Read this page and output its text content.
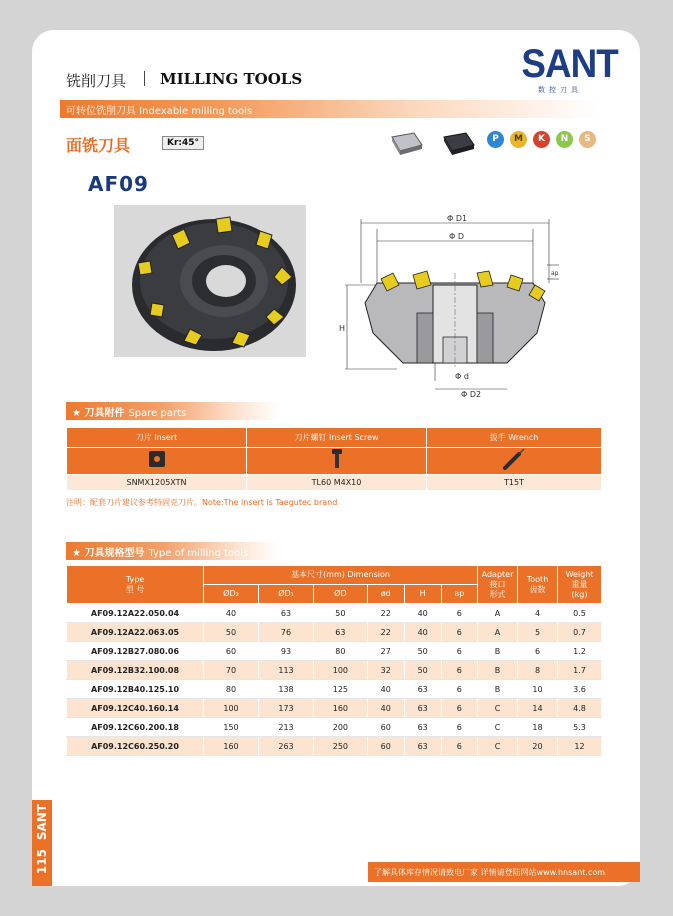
铣削刀具 MILLING TOOLS	SANT
数控刀具
可转位铣削刀具 Indexable milling tools
面铣刀具	Kr:45°
AF09
P	M	K	N	S
Φ D1
Φ D
ap
H
Φ d
Φ D2
★ 刀具附件 Spare parts
刀片 Insert	刀片螺钉 Insert Screw	扳手 Wrench

SNMX1205XTN	TL60 M4X10	T15T
注明：配套刀片建议参考特固克刀片。Note:The insert is Taegutec brand
★ 刀具规格型号 Type of milling tools
Type
型 号	基本尺寸(mm) Dimension						Adapter
接口
形式	Tooth
齿数	Weight
重量
(kg)
	ØD₂	ØD₁	ØD	ød	H	ap			
AF09.12A22.050.04	40	63	50	22	40	6	A	4	0.5
AF09.12A22.063.05	50	76	63	22	40	6	A	5	0.7
AF09.12B27.080.06	60	93	80	27	50	6	B	6	1.2
AF09.12B32.100.08	70	113	100	32	50	6	B	8	1.7
AF09.12B40.125.10	80	138	125	40	63	6	B	10	3.6
AF09.12C40.160.14	100	173	160	40	63	6	C	14	4.8
AF09.12C60.200.18	150	213	200	60	63	6	C	18	5.3
AF09.12C60.250.20	160	263	250	60	63	6	C	20	12
SANT
115	了解具体库存情况请致电厂家 详情请登陆网站www.hnsant.com
